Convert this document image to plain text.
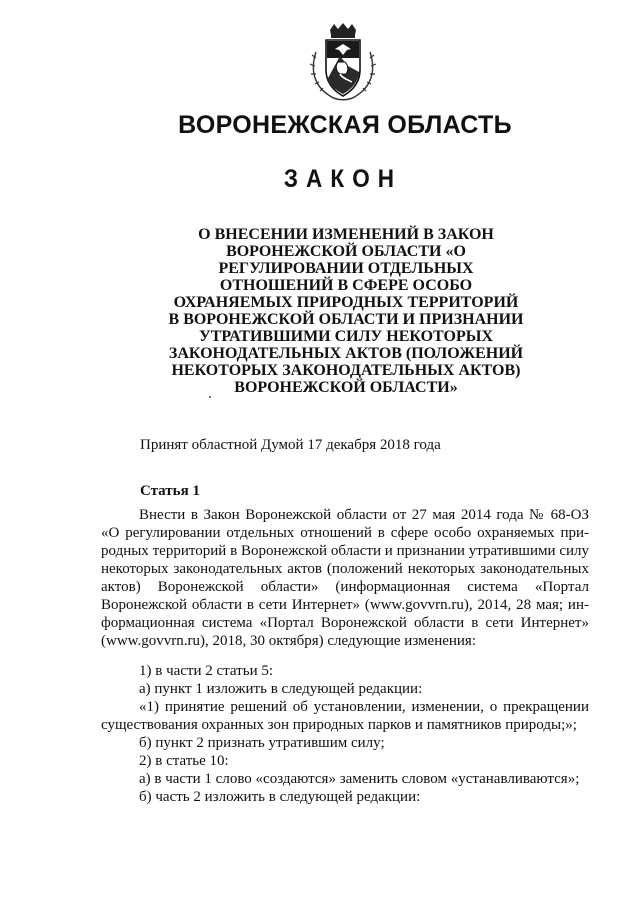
ВОРОНЕЖСКАЯ ОБЛАСТЬ
ЗАКОН
О ВНЕСЕНИИ ИЗМЕНЕНИЙ В ЗАКОН ВОРОНЕЖСКОЙ ОБЛАСТИ «О РЕГУЛИРОВАНИИ ОТДЕЛЬНЫХ ОТНОШЕНИЙ В СФЕРЕ ОСОБО ОХРАНЯЕМЫХ ПРИРОДНЫХ ТЕРРИТОРИЙ В ВОРОНЕЖСКОЙ ОБЛАСТИ И ПРИЗНАНИИ УТРАТИВШИМИ СИЛУ НЕКОТОРЫХ ЗАКОНОДАТЕЛЬНЫХ АКТОВ (ПОЛОЖЕНИЙ НЕКОТОРЫХ ЗАКОНОДАТЕЛЬНЫХ АКТОВ) ВОРОНЕЖСКОЙ ОБЛАСТИ»

Принят областной Думой 17 декабря 2018 года

Статья 1

Внести в Закон Воронежской области от 27 мая 2014 года № 68-ОЗ «О регулировании отдельных отношений в сфере особо охраняемых природных территорий в Воронежской области и признании утратившими силу некоторых законодательных актов (положений некоторых законодательных актов) Воронежской области» (информационная система «Портал Воронежской области в сети Интернет» (www.govvrn.ru), 2014, 28 мая; информационная система «Портал Воронежской области в сети Интернет» (www.govvrn.ru), 2018, 30 октября) следующие изменения:

1) в части 2 статьи 5:

а) пункт 1 изложить в следующей редакции:

«1) принятие решений об установлении, изменении, о прекращении существования охранных зон природных парков и памятников природы;»;

б) пункт 2 признать утратившим силу;

2) в статье 10:

а) в части 1 слово «создаются» заменить словом «устанавливаются»;

б) часть 2 изложить в следующей редакции:
